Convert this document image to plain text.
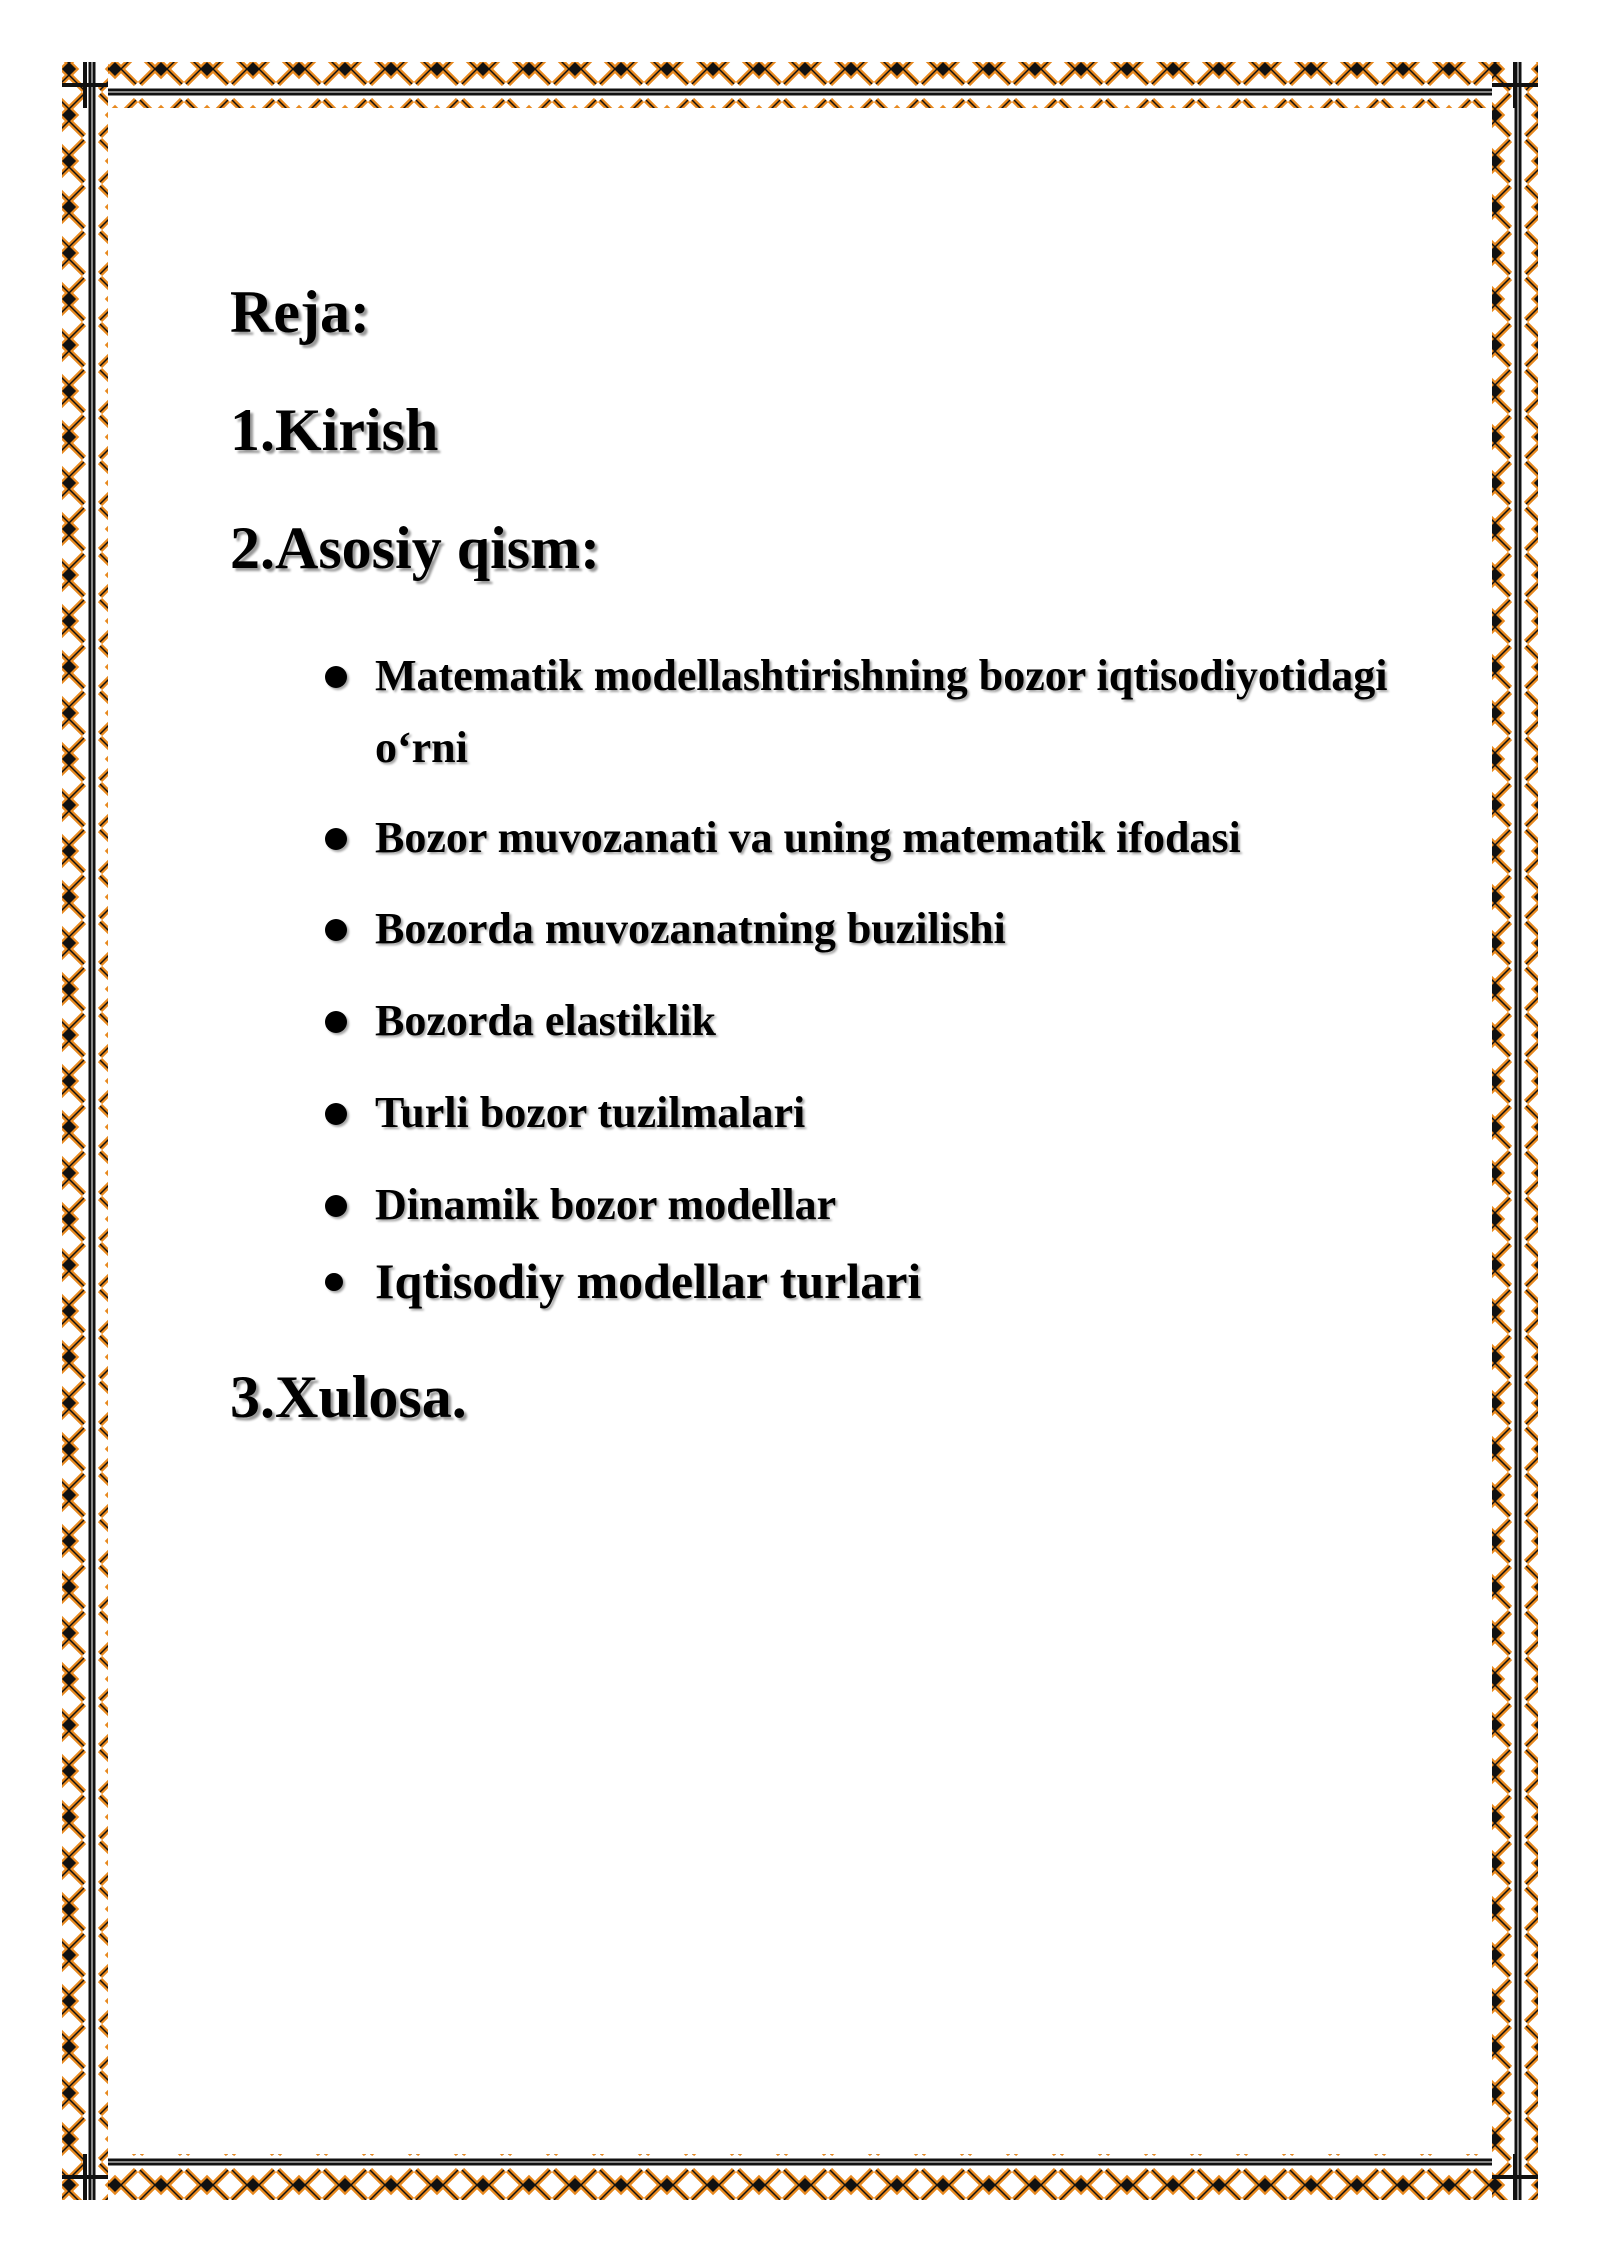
Reja:
1.Kirish
2.Asosiy qism:
Matematik modellashtirishning bozor iqtisodiyotidagi o‘rni
Bozor muvozanati va uning matematik ifodasi
Bozorda muvozanatning buzilishi
Bozorda elastiklik
Turli bozor tuzilmalari
Dinamik bozor modellar
Iqtisodiy modellar turlari
3.Xulosa.
